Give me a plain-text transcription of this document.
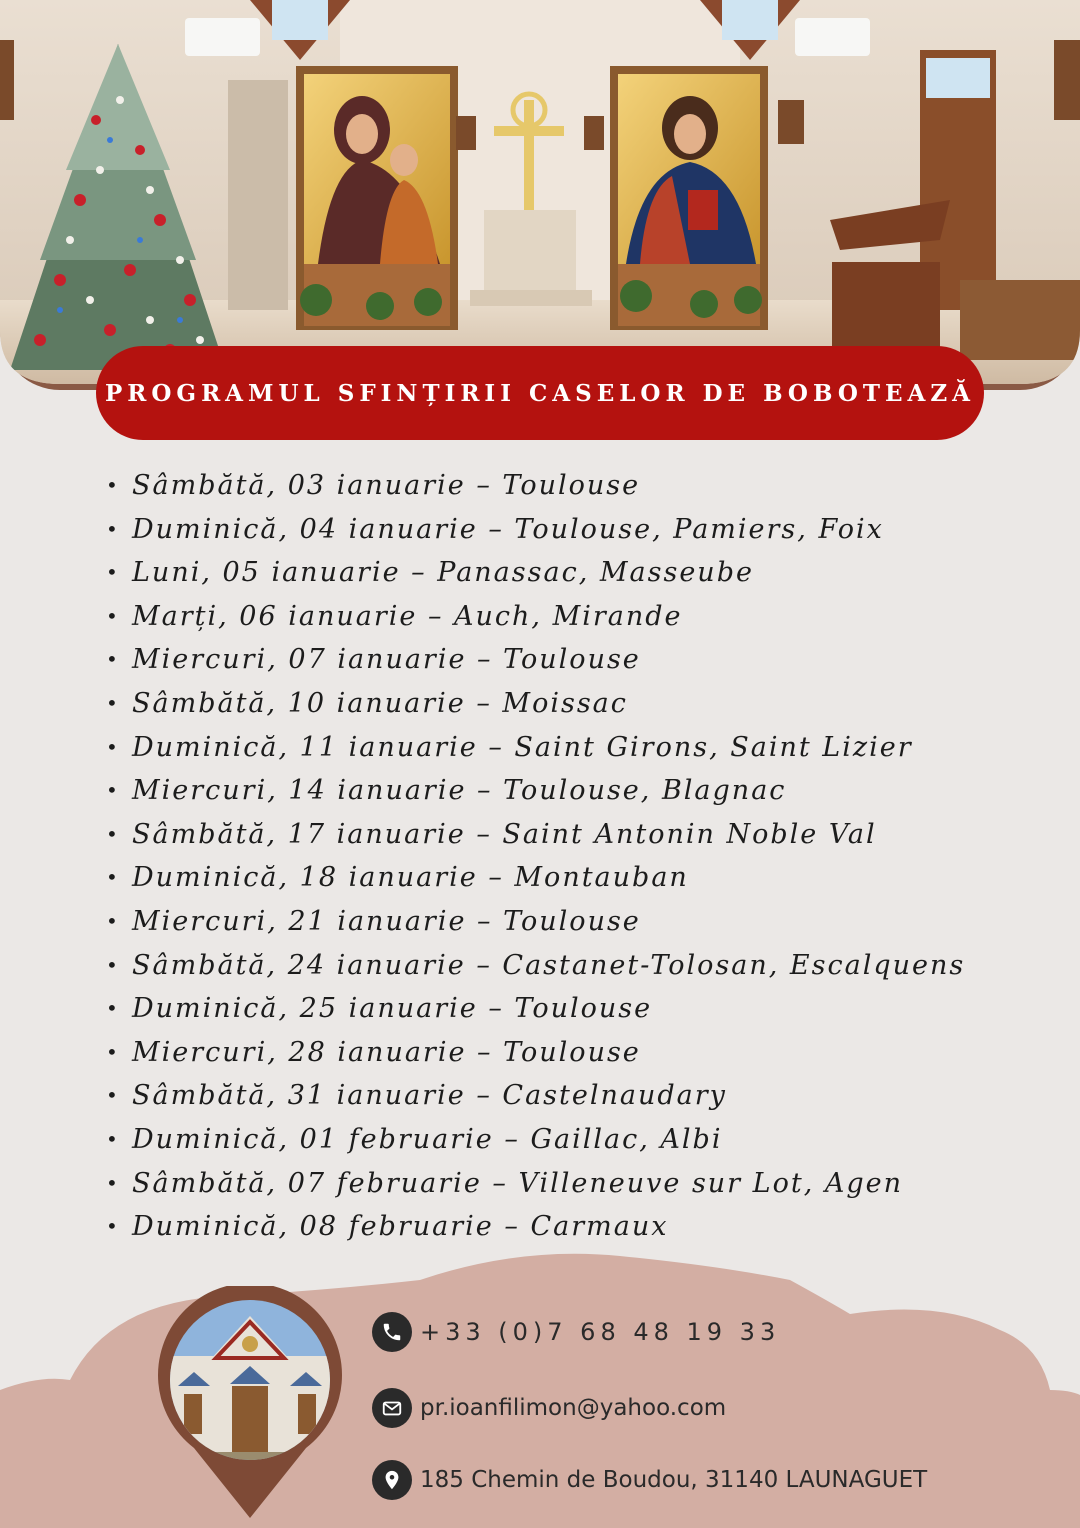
PROGRAMUL SFINȚIRII CASELOR DE BOBOTEAZĂ
• Sâmbătă, 03 ianuarie – Toulouse
• Duminică, 04 ianuarie – Toulouse, Pamiers, Foix
• Luni, 05 ianuarie – Panassac, Masseube
• Marți, 06 ianuarie – Auch, Mirande
• Miercuri, 07 ianuarie – Toulouse
• Sâmbătă, 10 ianuarie – Moissac
• Duminică, 11 ianuarie – Saint Girons, Saint Lizier
• Miercuri, 14 ianuarie – Toulouse, Blagnac
• Sâmbătă, 17 ianuarie – Saint Antonin Noble Val
• Duminică, 18 ianuarie – Montauban
• Miercuri, 21 ianuarie – Toulouse
• Sâmbătă, 24 ianuarie – Castanet-Tolosan, Escalquens
• Duminică, 25 ianuarie – Toulouse
• Miercuri, 28 ianuarie – Toulouse
• Sâmbătă, 31 ianuarie – Castelnaudary
• Duminică, 01 februarie – Gaillac, Albi
• Sâmbătă, 07 februarie – Villeneuve sur Lot, Agen
• Duminică, 08 februarie – Carmaux
+33 (0)7 68 48 19 33
pr.ioanfilimon@yahoo.com
185 Chemin de Boudou, 31140 LAUNAGUET
